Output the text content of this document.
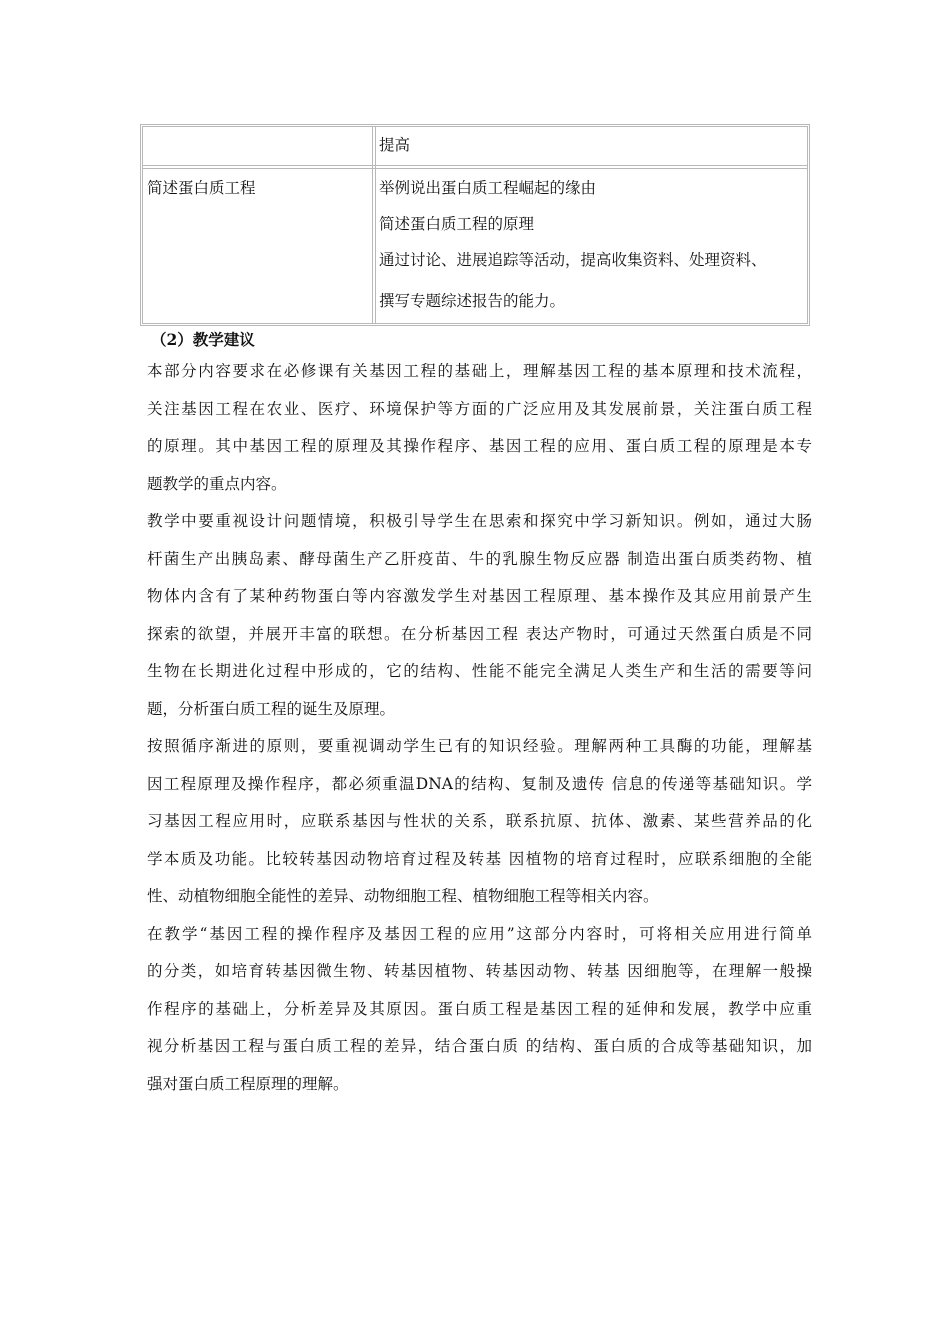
提高
简述蛋白质工程	举例说出蛋白质工程崛起的缘由
简述蛋白质工程的原理
通过讨论、进展追踪等活动，提高收集资料、处理资料、
撰写专题综述报告的能力。
（2）教学建议
本部分内容要求在必修课有关基因工程的基础上，理解基因工程的基本原理和技术流程，
关注基因工程在农业、医疗、环境保护等方面的广泛应用及其发展前景，关注蛋白质工程
的原理。其中基因工程的原理及其操作程序、基因工程的应用、蛋白质工程的原理是本专
题教学的重点内容。
教学中要重视设计问题情境，积极引导学生在思索和探究中学习新知识。例如，通过大肠
杆菌生产出胰岛素、酵母菌生产乙肝疫苗、牛的乳腺生物反应器 制造出蛋白质类药物、植
物体内含有了某种药物蛋白等内容激发学生对基因工程原理、基本操作及其应用前景产生
探索的欲望，并展开丰富的联想。在分析基因工程 表达产物时，可通过天然蛋白质是不同
生物在长期进化过程中形成的，它的结构、性能不能完全满足人类生产和生活的需要等问
题，分析蛋白质工程的诞生及原理。
按照循序渐进的原则，要重视调动学生已有的知识经验。理解两种工具酶的功能，理解基
因工程原理及操作程序，都必须重温DNA的结构、复制及遗传 信息的传递等基础知识。学
习基因工程应用时，应联系基因与性状的关系，联系抗原、抗体、激素、某些营养品的化
学本质及功能。比较转基因动物培育过程及转基 因植物的培育过程时，应联系细胞的全能
性、动植物细胞全能性的差异、动物细胞工程、植物细胞工程等相关内容。
在教学“基因工程的操作程序及基因工程的应用”这部分内容时，可将相关应用进行简单
的分类，如培育转基因微生物、转基因植物、转基因动物、转基 因细胞等，在理解一般操
作程序的基础上，分析差异及其原因。蛋白质工程是基因工程的延伸和发展，教学中应重
视分析基因工程与蛋白质工程的差异，结合蛋白质 的结构、蛋白质的合成等基础知识，加
强对蛋白质工程原理的理解。
